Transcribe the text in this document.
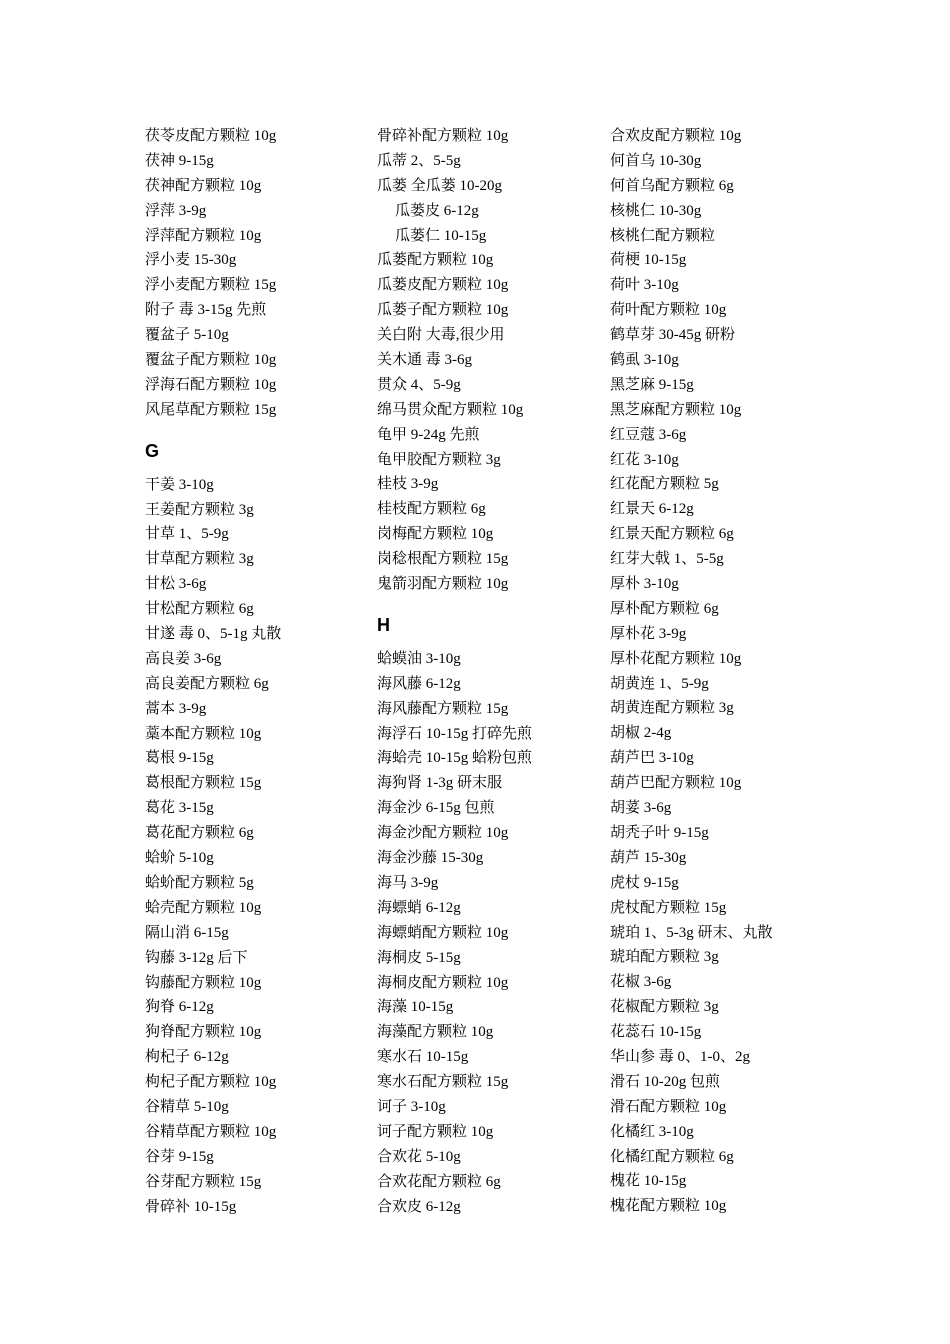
茯苓皮配方颗粒 10g
茯神 9-15g
茯神配方颗粒 10g
浮萍 3-9g
浮萍配方颗粒 10g
浮小麦 15-30g
浮小麦配方颗粒 15g
附子 毒 3-15g 先煎
覆盆子 5-10g
覆盆子配方颗粒 10g
浮海石配方颗粒 10g
风尾草配方颗粒 15g
G
干姜 3-10g
王姜配方颗粒 3g
甘草 1、5-9g
甘草配方颗粒 3g
甘松 3-6g
甘松配方颗粒 6g
甘遂 毒 0、5-1g 丸散
高良姜 3-6g
高良姜配方颗粒 6g
蒿本 3-9g
藁本配方颗粒 10g
葛根 9-15g
葛根配方颗粒 15g
葛花 3-15g
葛花配方颗粒 6g
蛤蚧 5-10g
蛤蚧配方颗粒 5g
蛤壳配方颗粒 10g
隔山消 6-15g
钩藤 3-12g 后下
钩藤配方颗粒 10g
狗脊 6-12g
狗脊配方颗粒 10g
枸杞子 6-12g
枸杞子配方颗粒 10g
谷精草 5-10g
谷精草配方颗粒 10g
谷芽 9-15g
谷芽配方颗粒 15g
骨碎补 10-15g
骨碎补配方颗粒 10g
瓜蒂 2、5-5g
瓜蒌 全瓜蒌 10-20g
瓜蒌皮 6-12g
瓜蒌仁 10-15g
瓜蒌配方颗粒 10g
瓜蒌皮配方颗粒 10g
瓜蒌子配方颗粒 10g
关白附 大毒,很少用
关木通 毒 3-6g
贯众 4、5-9g
绵马贯众配方颗粒 10g
龟甲 9-24g 先煎
龟甲胶配方颗粒 3g
桂枝 3-9g
桂枝配方颗粒 6g
岗梅配方颗粒 10g
岗稔根配方颗粒 15g
鬼箭羽配方颗粒 10g
H
蛤蟆油 3-10g
海风藤 6-12g
海风藤配方颗粒 15g
海浮石 10-15g 打碎先煎
海蛤壳 10-15g 蛤粉包煎
海狗肾 1-3g 研末服
海金沙 6-15g 包煎
海金沙配方颗粒 10g
海金沙藤 15-30g
海马 3-9g
海螵蛸 6-12g
海螵蛸配方颗粒 10g
海桐皮 5-15g
海桐皮配方颗粒 10g
海藻 10-15g
海藻配方颗粒 10g
寒水石 10-15g
寒水石配方颗粒 15g
诃子 3-10g
诃子配方颗粒 10g
合欢花 5-10g
合欢花配方颗粒 6g
合欢皮 6-12g
合欢皮配方颗粒 10g
何首乌 10-30g
何首乌配方颗粒 6g
核桃仁 10-30g
核桃仁配方颗粒
荷梗 10-15g
荷叶 3-10g
荷叶配方颗粒 10g
鹤草芽 30-45g 研粉
鹤虱 3-10g
黑芝麻 9-15g
黑芝麻配方颗粒 10g
红豆蔻 3-6g
红花 3-10g
红花配方颗粒 5g
红景天 6-12g
红景天配方颗粒 6g
红芽大戟 1、5-5g
厚朴 3-10g
厚朴配方颗粒 6g
厚朴花 3-9g
厚朴花配方颗粒 10g
胡黄连 1、5-9g
胡黄连配方颗粒 3g
胡椒 2-4g
葫芦巴 3-10g
葫芦巴配方颗粒 10g
胡荽 3-6g
胡秃子叶 9-15g
葫芦 15-30g
虎杖 9-15g
虎杖配方颗粒 15g
琥珀 1、5-3g 研末、丸散
琥珀配方颗粒 3g
花椒 3-6g
花椒配方颗粒 3g
花蕊石 10-15g
华山参 毒 0、1-0、2g
滑石 10-20g 包煎
滑石配方颗粒 10g
化橘红 3-10g
化橘红配方颗粒 6g
槐花 10-15g
槐花配方颗粒 10g
